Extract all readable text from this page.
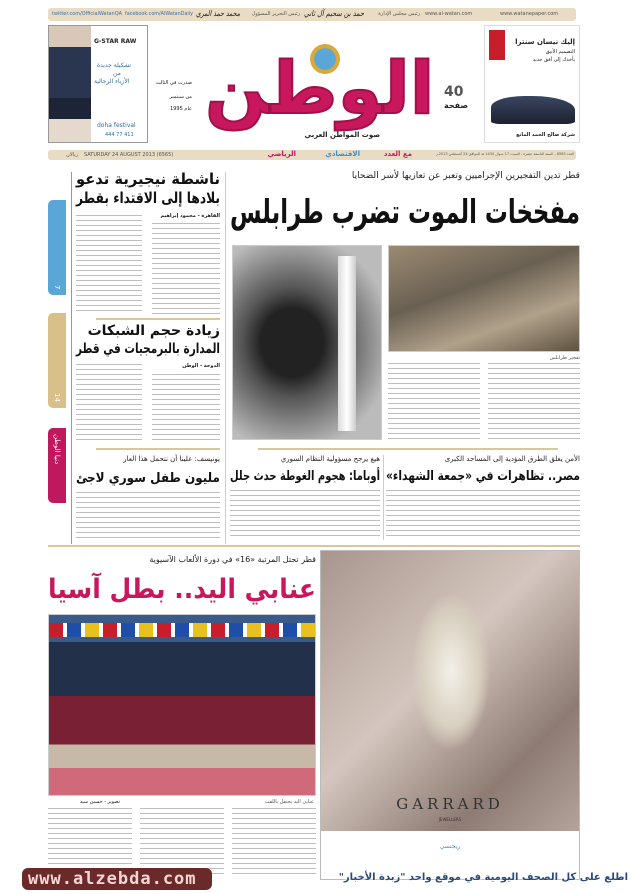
twitter.com/OfficialWatanQA facebook.com/AlWatanDaily محمد حمد المري	رئيس التحرير المسؤول حمد بن سحيم آل ثاني	رئيس مجلس الإدارة www.al-watan.com	www.watanepaper.com
G-STAR RAW
تشكيلة جديدة
من
الأزياء الرجالية
doha festival
444 77 411
صدرت في الثالث
من سبتمبر
عام 1995 الوطن
صوت المواطن العربي
40
صفحة
إليك نيسان سنترا
التصميم الأنيق
يأخذك إلى أفق جديد
شركة صالح الحمد المانع
ريالان SATURDAY 24 AUGUST 2013 (6565)	الرياضي	الاقتصادي	مع العدد	العدد 6565 - السنة التاسعة عشرة - السبت 17 شوال 1434 هـ الموافق 24 أغسطس 2013م
ناشطة نيجيرية تدعو
بلادها إلى الاقتداء بقطر
القاهرة - محمود إبراهيم
زيادة حجم الشبكات
المدارة بالبرمجيات في قطر
الدوحة - الوطن
يونيسف: علينا أن نتحمل هذا العار
مليون طفل سوري لاجئ
7
14
دنيا الوطن
قطر تدين التفجيرين الإجراميين وتعبر عن تعازيها لأسر الضحايا
مفخخات الموت تضرب طرابلس
تفجير طرابلس
الأمن يغلق الطرق المؤدية إلى المساجد الكبرى
مصر.. تظاهرات في «جمعة الشهداء»
هيغ يرجح مسؤولية النظام السوري
أوباما: هجوم الغوطة حدث جلل
قطر تحتل المرتبة «16» في دورة الألعاب الآسيوية
عنابي اليد.. بطل آسيا
تصوير - حسين سيد	عنابي اليد يحتفل باللقب	GARRARD
JEWELLERS
ريجنسي
www.alzebda.com	اطلع على كل الصحف اليومية في موقع واحد "زبدة الأخبار"
